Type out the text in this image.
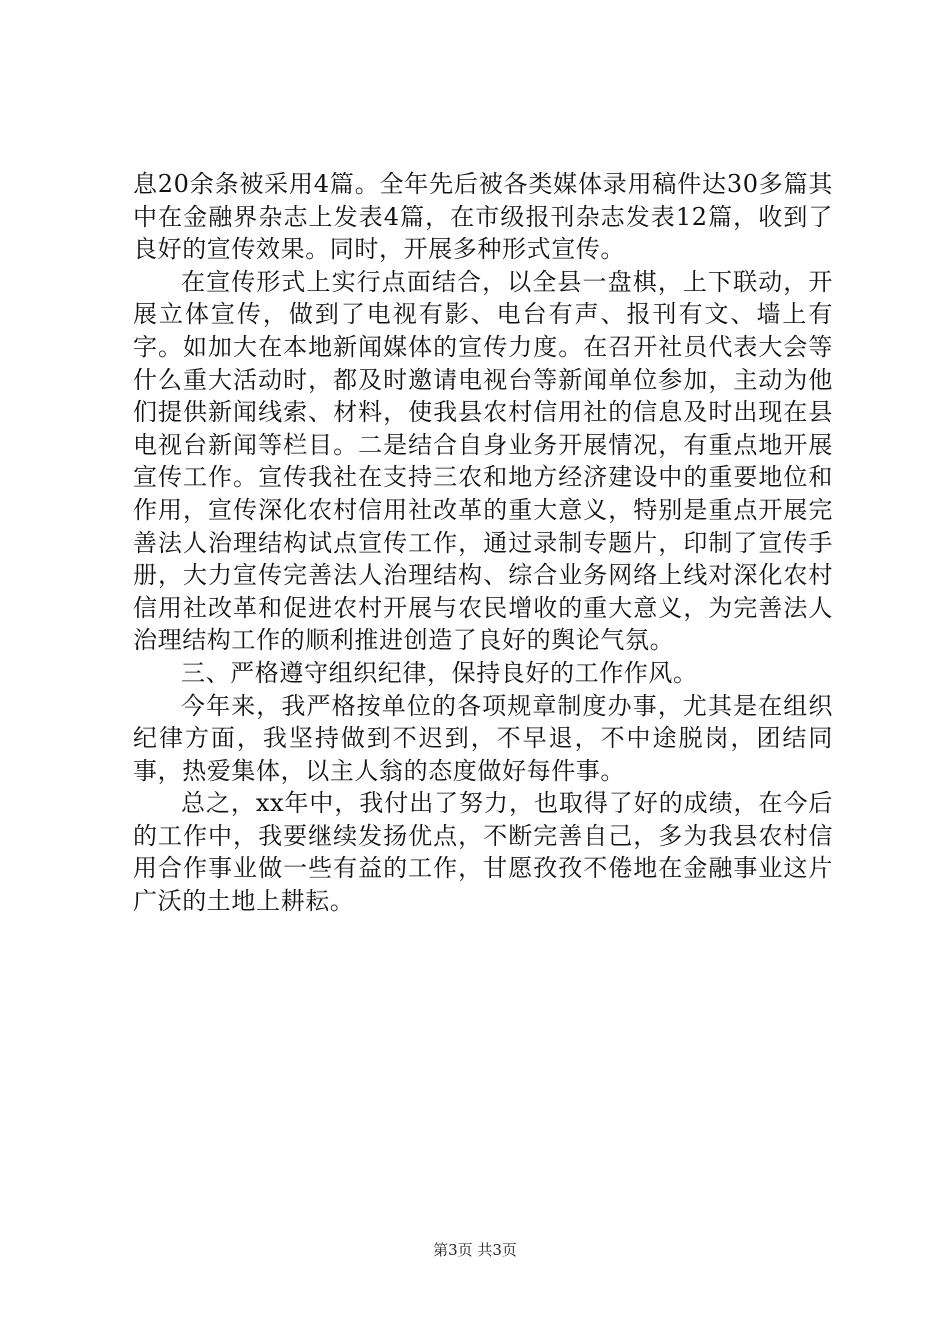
息20余条被采用4篇。全年先后被各类媒体录用稿件达30多篇其中在金融界杂志上发表4篇，在市级报刊杂志发表12篇，收到了良好的宣传效果。同时，开展多种形式宣传。

在宣传形式上实行点面结合，以全县一盘棋，上下联动，开展立体宣传，做到了电视有影、电台有声、报刊有文、墙上有字。如加大在本地新闻媒体的宣传力度。在召开社员代表大会等什么重大活动时，都及时邀请电视台等新闻单位参加，主动为他们提供新闻线索、材料，使我县农村信用社的信息及时出现在县电视台新闻等栏目。二是结合自身业务开展情况，有重点地开展宣传工作。宣传我社在支持三农和地方经济建设中的重要地位和作用，宣传深化农村信用社改革的重大意义，特别是重点开展完善法人治理结构试点宣传工作，通过录制专题片，印制了宣传手册，大力宣传完善法人治理结构、综合业务网络上线对深化农村信用社改革和促进农村开展与农民增收的重大意义，为完善法人治理结构工作的顺利推进创造了良好的舆论气氛。

三、严格遵守组织纪律，保持良好的工作作风。

今年来，我严格按单位的各项规章制度办事，尤其是在组织纪律方面，我坚持做到不迟到，不早退，不中途脱岗，团结同事，热爱集体，以主人翁的态度做好每件事。

总之，xx年中，我付出了努力，也取得了好的成绩，在今后的工作中，我要继续发扬优点，不断完善自己，多为我县农村信用合作事业做一些有益的工作，甘愿孜孜不倦地在金融事业这片广沃的土地上耕耘。

第3页 共3页
